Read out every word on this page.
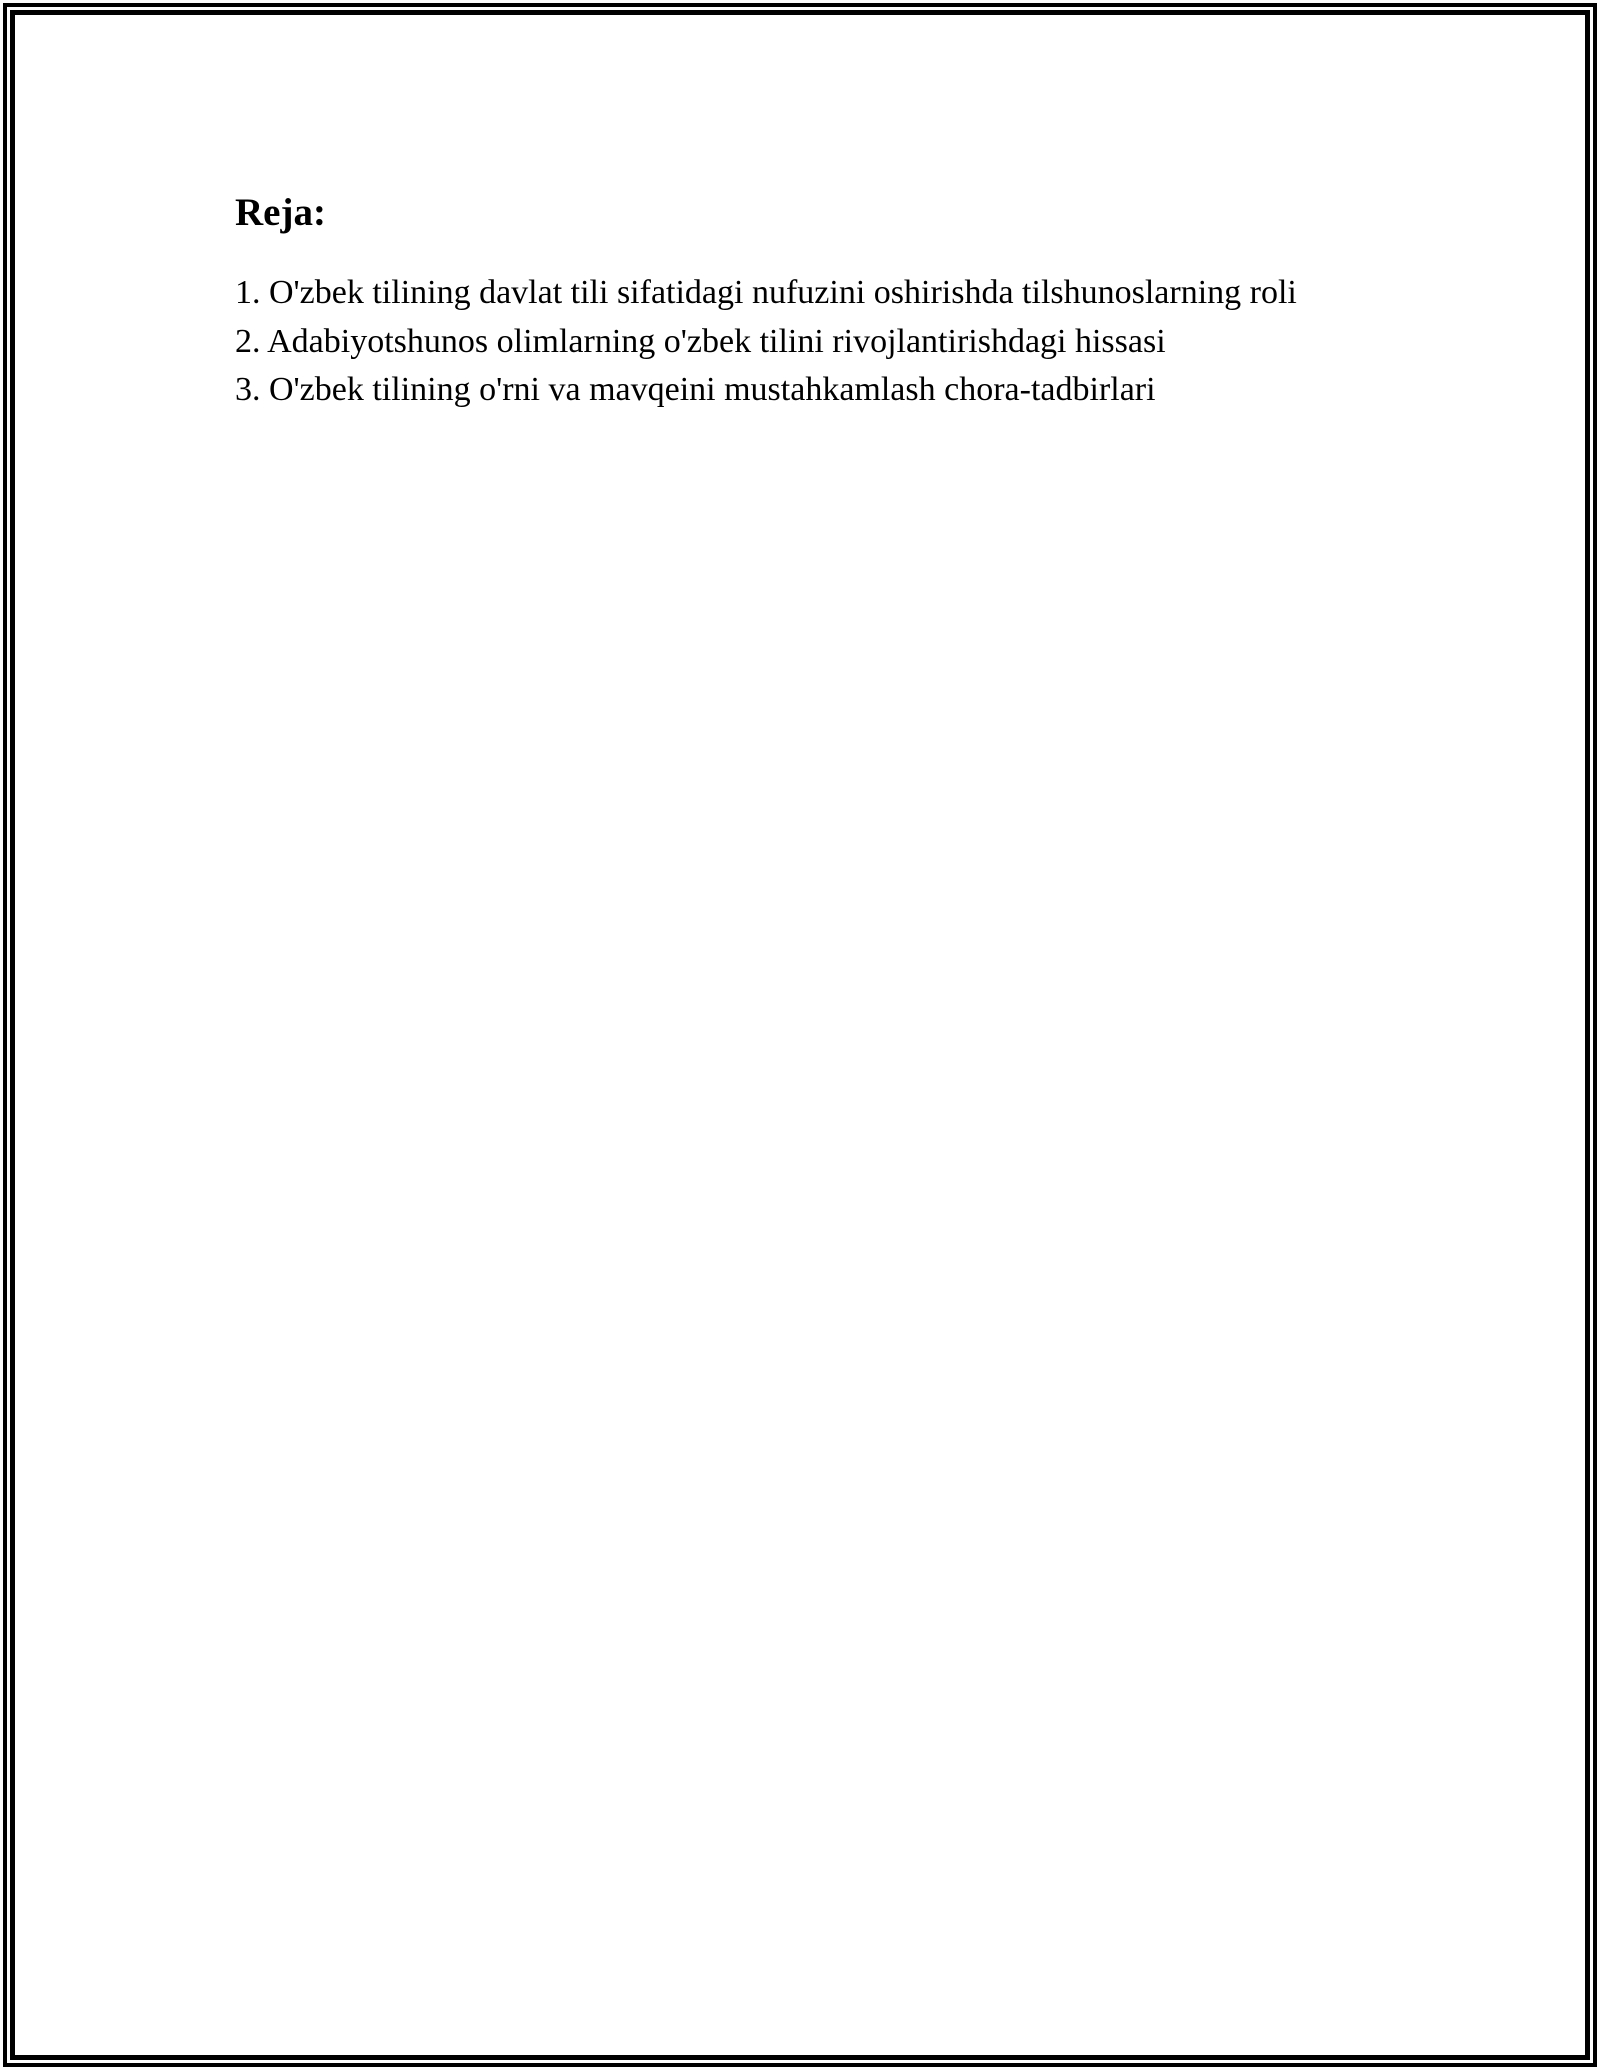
Reja:

1. O'zbek tilining davlat tili sifatidagi nufuzini oshirishda tilshunoslarning roli

2. Adabiyotshunos olimlarning o'zbek tilini rivojlantirishdagi hissasi

3. O'zbek tilining o'rni va mavqeini mustahkamlash chora-tadbirlari
